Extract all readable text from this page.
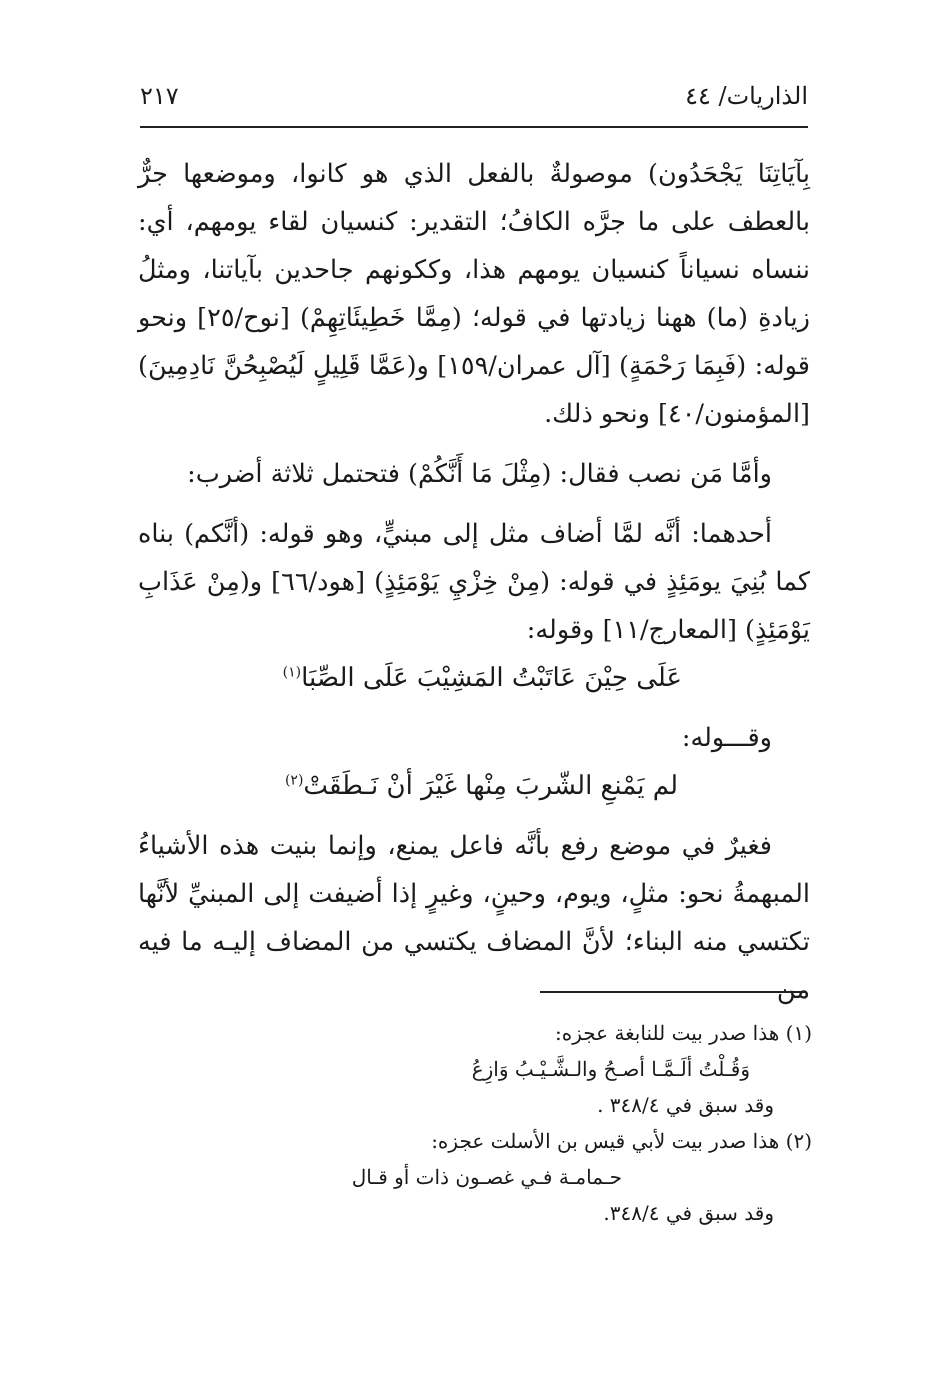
الذاريات/ ٤٤
٢١٧

بِآيَاتِنَا يَجْحَدُون) موصولةٌ بالفعل الذي هو كانوا، وموضعها جرٌّ بالعطف على ما جرَّه الكافُ؛ التقدير: كنسيان لقاء يومهم، أي: ننساه نسياناً كنسيان يومهم هذا، وككونهم جاحدين بآياتنا، ومثلُ زيادةِ (ما) ههنا زيادتها في قوله؛ (مِمَّا خَطِيئَاتِهِمْ) [نوح/٢٥] ونحو قوله: (فَبِمَا رَحْمَةٍ) [آل عمران/١٥٩] و(عَمَّا قَلِيلٍ لَيُصْبِحُنَّ نَادِمِينَ) [المؤمنون/٤٠] ونحو ذلك.

وأمَّا مَن نصب فقال: (مِثْلَ مَا أَنَّكُمْ) فتحتمل ثلاثة أضرب:

أحدهما: أنَّه لمَّا أضاف مثل إلى مبنيٍّ، وهو قوله: (أنَّكم) بناه كما بُنِيَ يومَئِذٍ في قوله: (مِنْ خِزْيِ يَوْمَئِذٍ) [هود/٦٦] و(مِنْ عَذَابِ يَوْمَئِذٍ) [المعارج/١١] وقوله:

عَلَى حِيْنَ عَاتَبْتُ المَشِيْبَ عَلَى الصِّبَا$^{(١)}$

وقـــوله:

لم يَمْنعِ الشّربَ مِنْها غَيْرَ أنْ نَـطَقَتْ$^{(٢)}$

فغيرٌ في موضع رفع بأنَّه فاعل يمنع، وإنما بنيت هذه الأشياءُ المبهمةُ نحو: مثلٍ، ويوم، وحينٍ، وغيرٍ إذا أضيفت إلى المبنيِّ لأنَّها تكتسي منه البناء؛ لأنَّ المضاف يكتسي من المضاف إليـه ما فيه من

(١) هذا صدر بيت للنابغة عجزه:
وَقُـلْتُ ألَـمَّـا أصـحُ والـشَّـيْـبُ وَازِعُ
وقد سبق في ٣٤٨/٤ .
(٢) هذا صدر بيت لأبي قيس بن الأسلت عجزه:
حـمامـة فـي غصـون ذات أو قـال
وقد سبق في ٣٤٨/٤.
